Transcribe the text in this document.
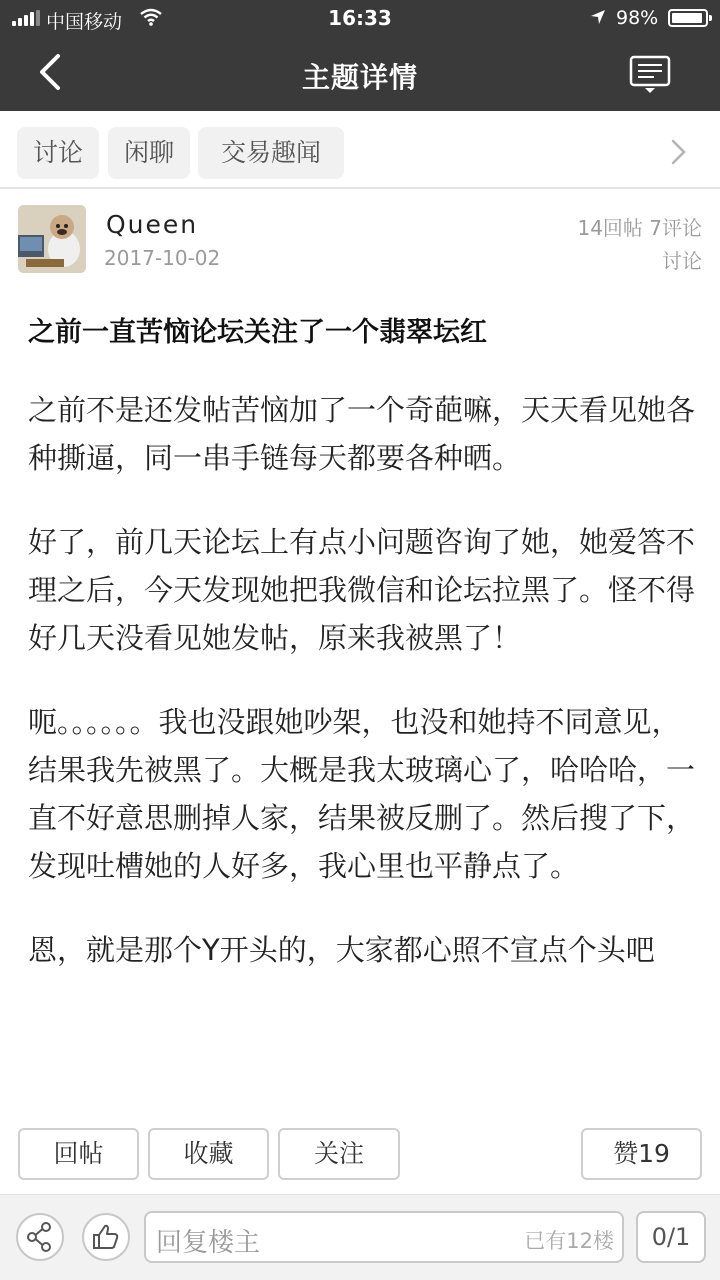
中国移动	16:33	98%
主题详情
讨论	闲聊	交易趣闻
Queen
2017-10-02
14回帖 7评论
讨论
之前一直苦恼论坛关注了一个翡翠坛红

之前不是还发帖苦恼加了一个奇葩嘛，天天看见她各种撕逼，同一串手链每天都要各种晒。

好了，前几天论坛上有点小问题咨询了她，她爱答不理之后，今天发现她把我微信和论坛拉黑了。怪不得好几天没看见她发帖，原来我被黑了！

呃。。。。。。我也没跟她吵架，也没和她持不同意见，结果我先被黑了。大概是我太玻璃心了，哈哈哈，一直不好意思删掉人家，结果被反删了。然后搜了下，发现吐槽她的人好多，我心里也平静点了。

恩，就是那个Y开头的，大家都心照不宣点个头吧

回帖	收藏	关注	赞19
回复楼主	已有12楼	0/1
